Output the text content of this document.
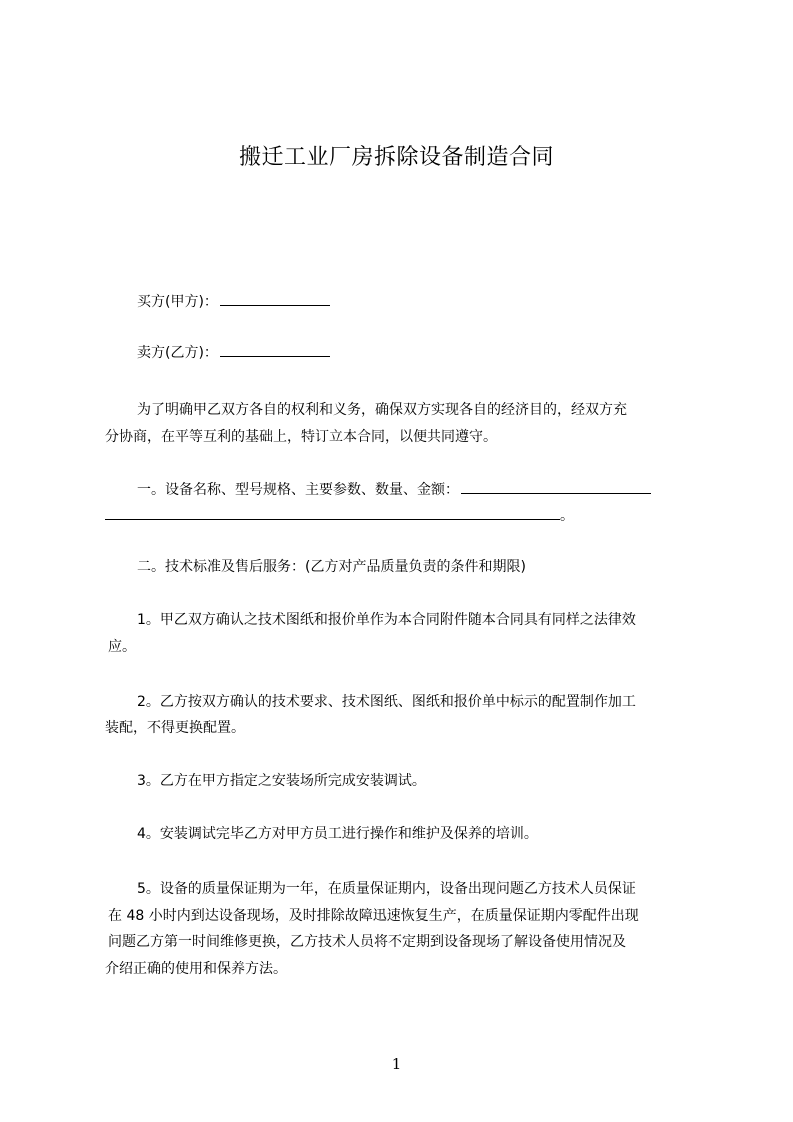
搬迁工业厂房拆除设备制造合同
买方(甲方)：
卖方(乙方)：
为了明确甲乙双方各自的权利和义务，确保双方实现各自的经济目的，经双方充
分协商，在平等互利的基础上，特订立本合同，以便共同遵守。
一。设备名称、型号规格、主要参数、数量、金额：
。
二。技术标准及售后服务：(乙方对产品质量负责的条件和期限)
1。甲乙双方确认之技术图纸和报价单作为本合同附件随本合同具有同样之法律效
应。
2。乙方按双方确认的技术要求、技术图纸、图纸和报价单中标示的配置制作加工
装配，不得更换配置。
3。乙方在甲方指定之安装场所完成安装调试。
4。安装调试完毕乙方对甲方员工进行操作和维护及保养的培训。
5。设备的质量保证期为一年，在质量保证期内，设备出现问题乙方技术人员保证
在 48 小时内到达设备现场，及时排除故障迅速恢复生产，在质量保证期内零配件出现
问题乙方第一时间维修更换，乙方技术人员将不定期到设备现场了解设备使用情况及
介绍正确的使用和保养方法。
1
